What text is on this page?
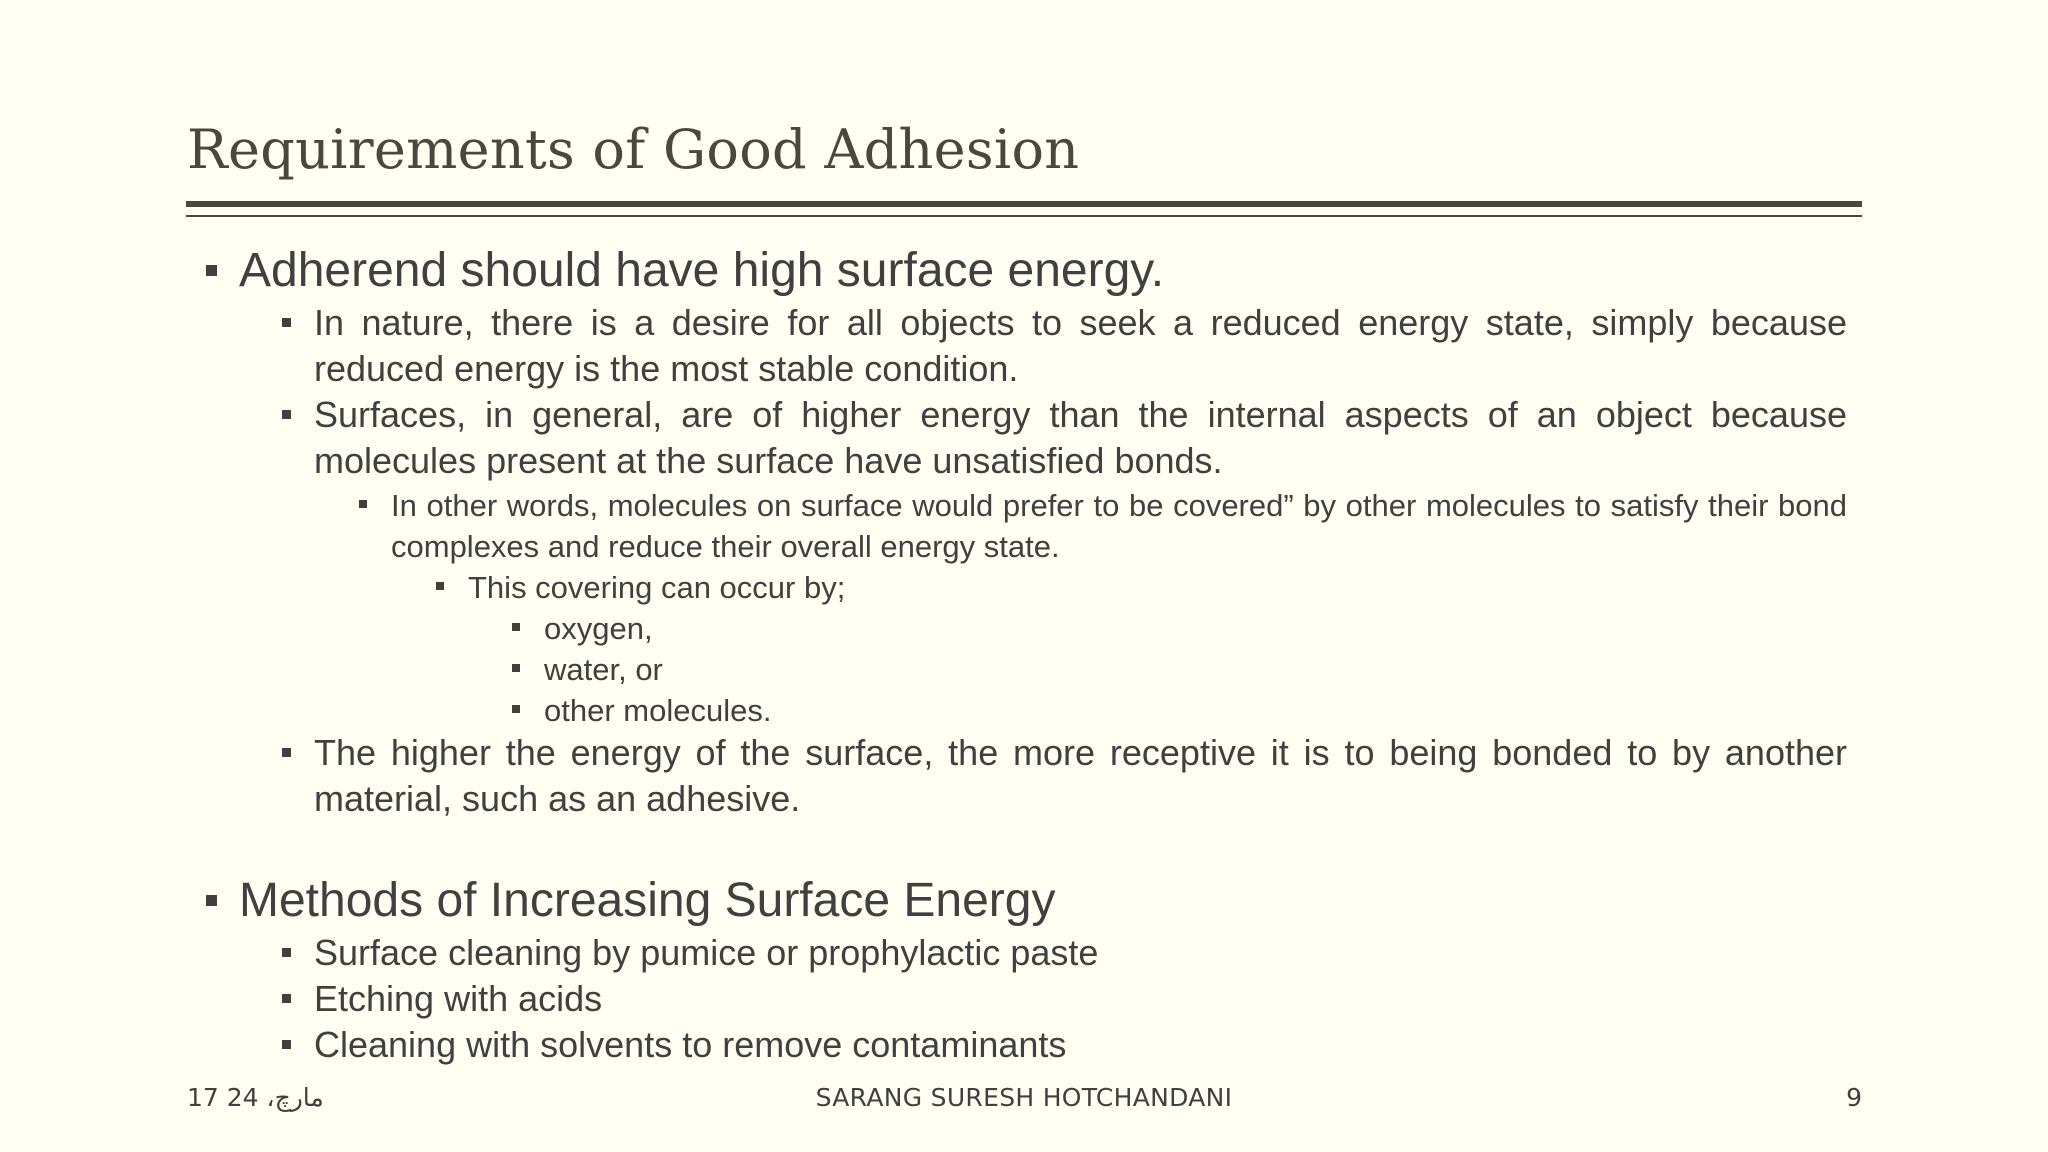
Requirements of Good Adhesion
Adherend should have high surface energy.
In nature, there is a desire for all objects to seek a reduced energy state, simply because reduced energy is the most stable condition.
Surfaces, in general, are of higher energy than the internal aspects of an object because molecules present at the surface have unsatisfied bonds.
In other words, molecules on surface would prefer to be covered” by other molecules to satisfy their bond complexes and reduce their overall energy state.
This covering can occur by;
oxygen,
water, or
other molecules.
The higher the energy of the surface, the more receptive it is to being bonded to by another material, such as an adhesive.
Methods of Increasing Surface Energy
Surface cleaning by pumice or prophylactic paste
Etching with acids
Cleaning with solvents to remove contaminants
17 مارچ، 24	SARANG SURESH HOTCHANDANI	9
